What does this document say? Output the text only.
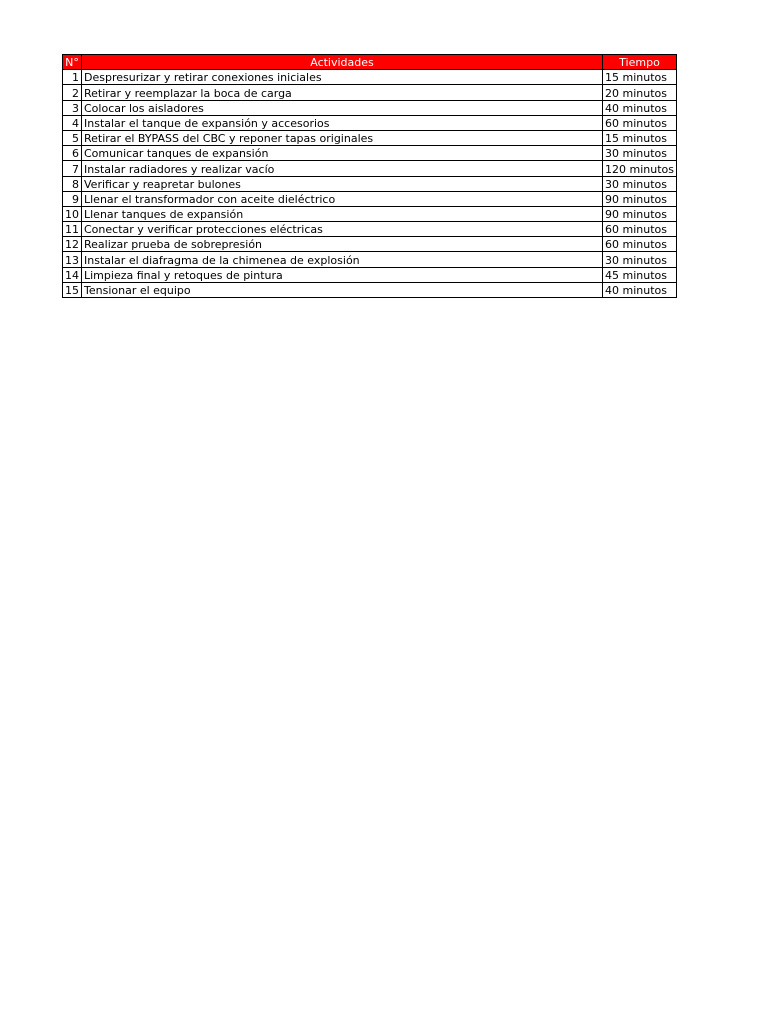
N°	Actividades	Tiempo
1	Despresurizar y retirar conexiones iniciales	15 minutos
2	Retirar y reemplazar la boca de carga	20 minutos
3	Colocar los aisladores	40 minutos
4	Instalar el tanque de expansión y accesorios	60 minutos
5	Retirar el BYPASS del CBC y reponer tapas originales	15 minutos
6	Comunicar tanques de expansión	30 minutos
7	Instalar radiadores y realizar vacío	120 minutos
8	Verificar y reapretar bulones	30 minutos
9	Llenar el transformador con aceite dieléctrico	90 minutos
10	Llenar tanques de expansión	90 minutos
11	Conectar y verificar protecciones eléctricas	60 minutos
12	Realizar prueba de sobrepresión	60 minutos
13	Instalar el diafragma de la chimenea de explosión	30 minutos
14	Limpieza final y retoques de pintura	45 minutos
15	Tensionar el equipo	40 minutos
